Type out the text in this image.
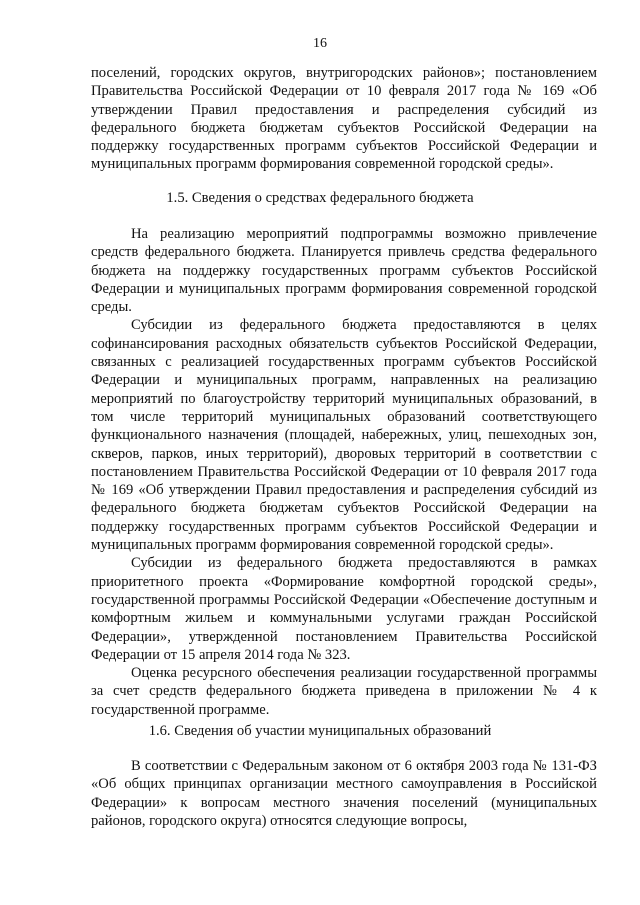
16

поселений, городских округов, внутригородских районов»; постановлением Правительства Российской Федерации от 10 февраля 2017 года № 169 «Об утверждении Правил предоставления и распределения субсидий из федерального бюджета бюджетам субъектов Российской Федерации на поддержку государственных программ субъектов Российской Федерации и муниципальных программ формирования современной городской среды».

1.5. Сведения о средствах федерального бюджета

На реализацию мероприятий подпрограммы возможно привлечение средств федерального бюджета. Планируется привлечь средства федерального бюджета на поддержку государственных программ субъектов Российской Федерации и муниципальных программ формирования современной городской среды.

Субсидии из федерального бюджета предоставляются в целях софинансирования расходных обязательств субъектов Российской Федерации, связанных с реализацией государственных программ субъектов Российской Федерации и муниципальных программ, направленных на реализацию мероприятий по благоустройству территорий муниципальных образований, в том числе территорий муниципальных образований соответствующего функционального назначения (площадей, набережных, улиц, пешеходных зон, скверов, парков, иных территорий), дворовых территорий в соответствии с постановлением Правительства Российской Федерации от 10 февраля 2017 года № 169 «Об утверждении Правил предоставления и распределения субсидий из федерального бюджета бюджетам субъектов Российской Федерации на поддержку государственных программ субъектов Российской Федерации и муниципальных программ формирования современной городской среды».

Субсидии из федерального бюджета предоставляются в рамках приоритетного проекта «Формирование комфортной городской среды», государственной программы Российской Федерации «Обеспечение доступным и комфортным жильем и коммунальными услугами граждан Российской Федерации», утвержденной постановлением Правительства Российской Федерации от 15 апреля 2014 года № 323.

Оценка ресурсного обеспечения реализации государственной программы за счет средств федерального бюджета приведена в приложении № 4 к государственной программе.

1.6. Сведения об участии муниципальных образований

В соответствии с Федеральным законом от 6 октября 2003 года № 131-ФЗ «Об общих принципах организации местного самоуправления в Российской Федерации» к вопросам местного значения поселений (муниципальных районов, городского округа) относятся следующие вопросы,
